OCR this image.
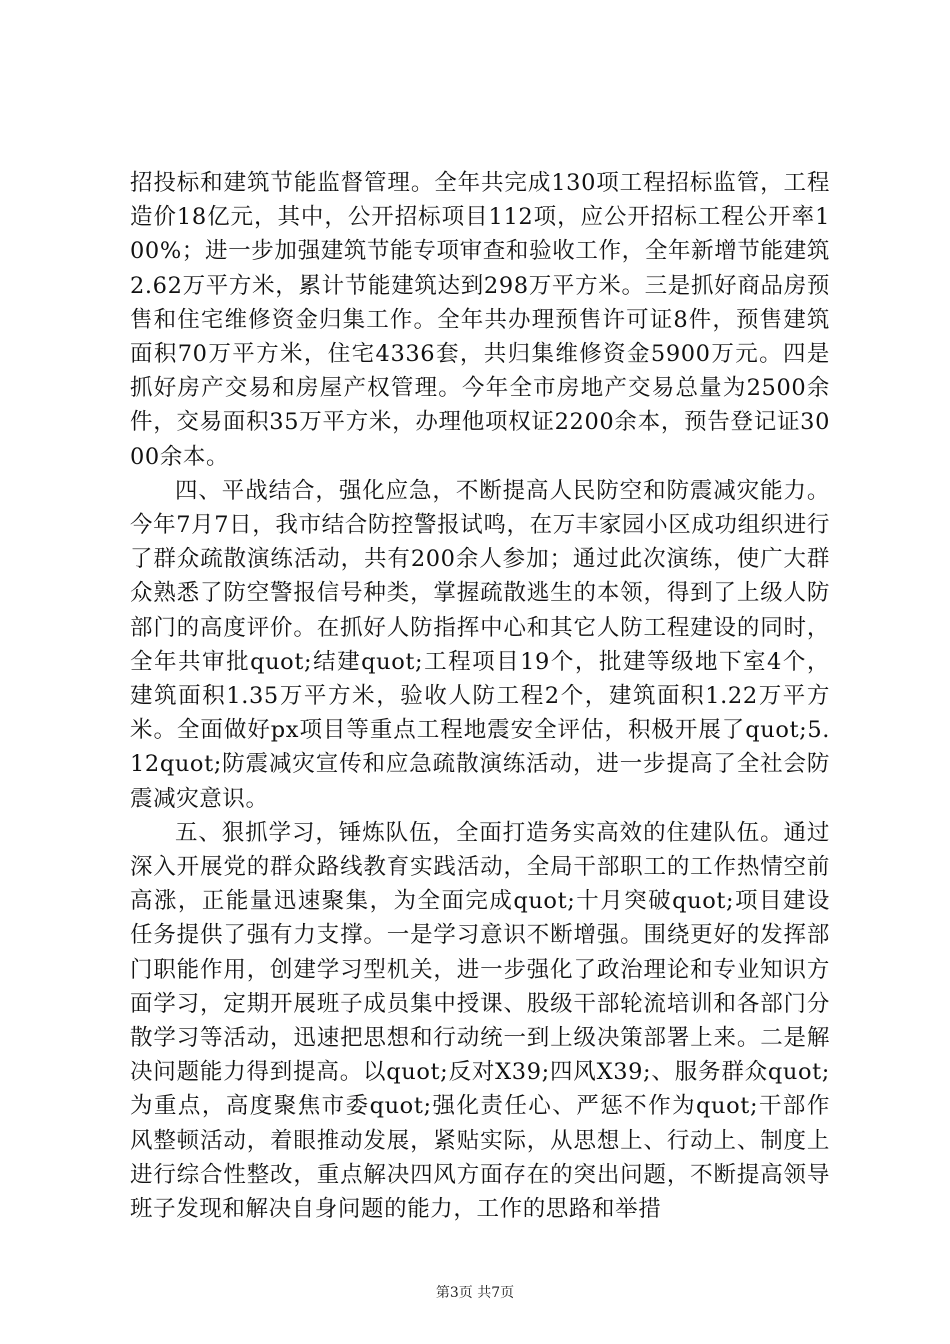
招投标和建筑节能监督管理。全年共完成130项工程招标监管，工程造价18亿元，其中，公开招标项目112项，应公开招标工程公开率100%；进一步加强建筑节能专项审查和验收工作，全年新增节能建筑2.62万平方米，累计节能建筑达到298万平方米。三是抓好商品房预售和住宅维修资金归集工作。全年共办理预售许可证8件，预售建筑面积70万平方米，住宅4336套，共归集维修资金5900万元。四是抓好房产交易和房屋产权管理。今年全市房地产交易总量为2500余件，交易面积35万平方米，办理他项权证2200余本，预告登记证3000余本。

四、平战结合，强化应急，不断提高人民防空和防震减灾能力。今年7月7日，我市结合防控警报试鸣，在万丰家园小区成功组织进行了群众疏散演练活动，共有200余人参加；通过此次演练，使广大群众熟悉了防空警报信号种类，掌握疏散逃生的本领，得到了上级人防部门的高度评价。在抓好人防指挥中心和其它人防工程建设的同时，全年共审批quot;结建quot;工程项目19个，批建等级地下室4个，建筑面积1.35万平方米，验收人防工程2个，建筑面积1.22万平方米。全面做好px项目等重点工程地震安全评估，积极开展了quot;5.12quot;防震减灾宣传和应急疏散演练活动，进一步提高了全社会防震减灾意识。

五、狠抓学习，锤炼队伍，全面打造务实高效的住建队伍。通过深入开展党的群众路线教育实践活动，全局干部职工的工作热情空前高涨，正能量迅速聚集，为全面完成quot;十月突破quot;项目建设任务提供了强有力支撑。一是学习意识不断增强。围绕更好的发挥部门职能作用，创建学习型机关，进一步强化了政治理论和专业知识方面学习，定期开展班子成员集中授课、股级干部轮流培训和各部门分散学习等活动，迅速把思想和行动统一到上级决策部署上来。二是解决问题能力得到提高。以quot;反对X39;四风X39;、服务群众quot;为重点，高度聚焦市委quot;强化责任心、严惩不作为quot;干部作风整顿活动，着眼推动发展，紧贴实际，从思想上、行动上、制度上进行综合性整改，重点解决四风方面存在的突出问题，不断提高领导班子发现和解决自身问题的能力，工作的思路和举措

第3页 共7页
